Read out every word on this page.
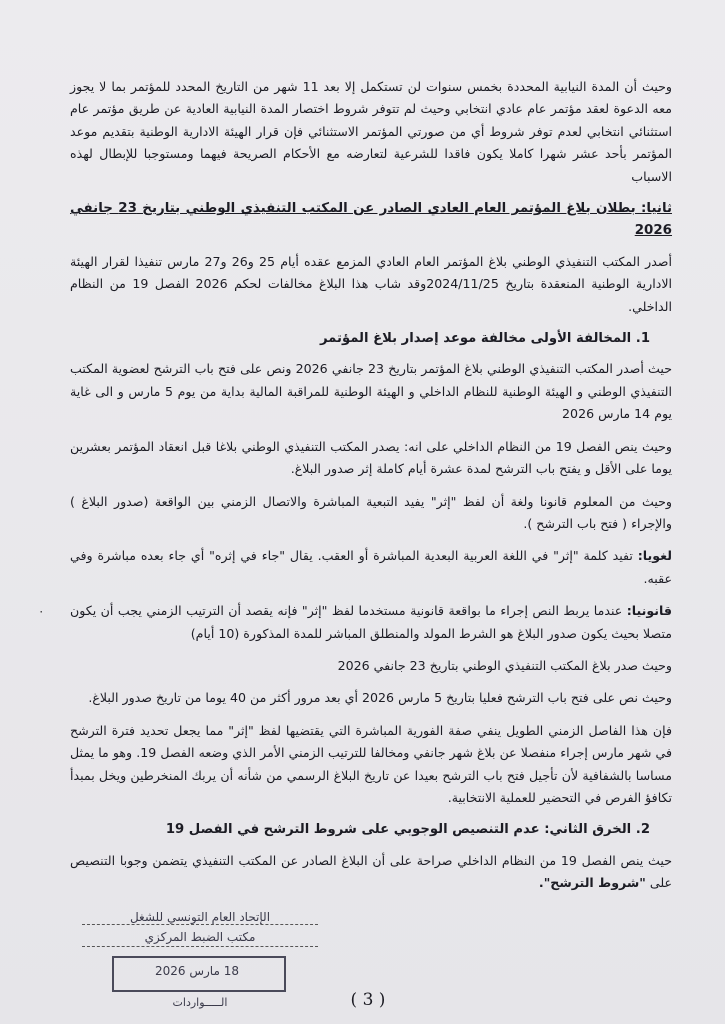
وحيث أن المدة النيابية المحددة بخمس سنوات لن تستكمل إلا بعد 11 شهر من التاريخ المحدد للمؤتمر بما لا يجوز معه الدعوة لعقد مؤتمر عام عادي انتخابي وحيث لم تتوفر شروط اختصار المدة النيابية العادية عن طريق مؤتمر عام استثنائي انتخابي لعدم توفر شروط أي من صورتي المؤتمر الاستثنائي فإن قرار الهيئة الادارية الوطنية بتقديم موعد المؤتمر بأحد عشر شهرا كاملا يكون فاقدا للشرعية لتعارضه مع الأحكام الصريحة فيهما ومستوجبا للإبطال لهذه الاسباب

ثانيا: بطلان بلاغ المؤتمر العام العادي الصادر عن المكتب التنفيذي الوطني بتاريخ 23 جانفي 2026

أصدر المكتب التنفيذي الوطني بلاغ المؤتمر العام العادي المزمع عقده أيام 25 و26 و27 مارس تنفيذا لقرار الهيئة الادارية الوطنية المنعقدة بتاريخ 2024/11/25وقد شاب هذا البلاغ مخالفات لحكم 2026 الفصل 19 من النظام الداخلي.

1. المخالفة الأولى مخالفة موعد إصدار بلاغ المؤتمر

حيث أصدر المكتب التنفيذي الوطني بلاغ المؤتمر بتاريخ 23 جانفي 2026 ونص على فتح باب الترشح لعضوية المكتب التنفيذي الوطني و الهيئة الوطنية للنظام الداخلي و الهيئة الوطنية للمراقبة المالية بداية من يوم 5 مارس و الى غاية يوم 14 مارس 2026

وحيث ينص الفصل 19 من النظام الداخلي على انه: يصدر المكتب التنفيذي الوطني بلاغا قبل انعقاد المؤتمر بعشرين يوما على الأقل و يفتح باب الترشح لمدة عشرة أيام كاملة إثر صدور البلاغ.

وحيث من المعلوم قانونا ولغة أن لفظ "إثر" يفيد التبعية المباشرة والاتصال الزمني بين الواقعة (صدور البلاغ ) والإجراء ( فتح باب الترشح ).

لغويا: تفيد كلمة "إثر" في اللغة العربية البعدية المباشرة أو العقب. يقال "جاء في إثره" أي جاء بعده مباشرة وفي عقبه.

قانونيا: عندما يربط النص إجراء ما بواقعة قانونية مستخدما لفظ "إثر" فإنه يقصد أن الترتيب الزمني يجب أن يكون متصلا بحيث يكون صدور البلاغ هو الشرط المولد والمنطلق المباشر للمدة المذكورة (10 أيام)

وحيث صدر بلاغ المكتب التنفيذي الوطني بتاريخ 23 جانفي 2026

وحيث نص على فتح باب الترشح فعليا بتاريخ 5 مارس 2026 أي بعد مرور أكثر من 40 يوما من تاريخ صدور البلاغ.

فإن هذا الفاصل الزمني الطويل ينفي صفة الفورية المباشرة التي يقتضيها لفظ "إثر" مما يجعل تحديد فترة الترشح في شهر مارس إجراء منفصلا عن بلاغ شهر جانفي ومخالفا للترتيب الزمني الأمر الذي وضعه الفصل 19. وهو ما يمثل مساسا بالشفافية لأن تأجيل فتح باب الترشح بعيدا عن تاريخ البلاغ الرسمي من شأنه أن يربك المنخرطين ويخل بمبدأ تكافؤ الفرص في التحضير للعملية الانتخابية.

2. الخرق الثاني: عدم التنصيص الوجوبي على شروط الترشح في الفصل 19

حيث ينص الفصل 19 من النظام الداخلي صراحة على أن البلاغ الصادر عن المكتب التنفيذي يتضمن وجوبا التنصيص على "شروط الترشح".

٠
الإتحاد العام التونسي للشغل
مكتب الضبط المركزي
18 مارس 2026
الـــــواردات	( 3 )
